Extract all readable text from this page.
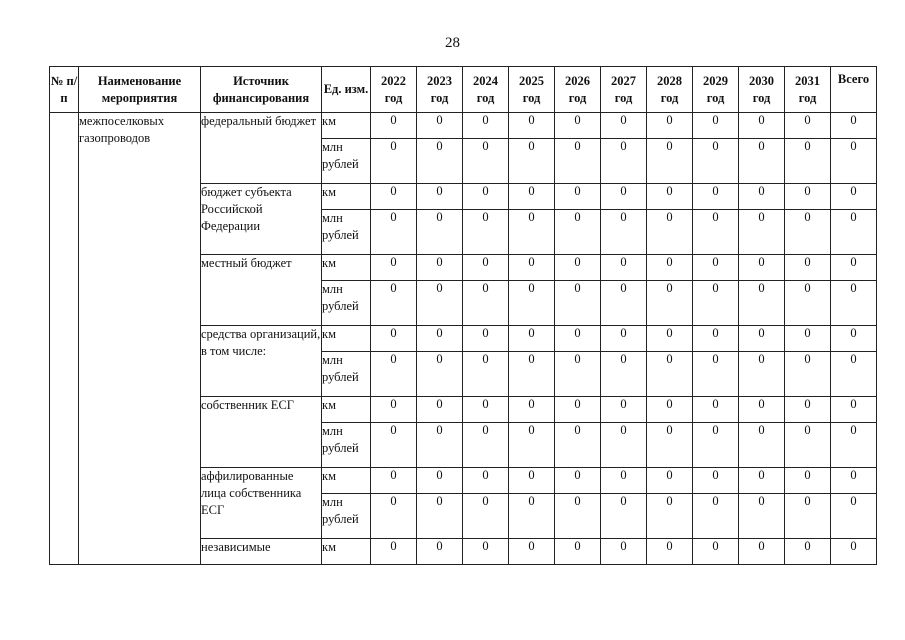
28
№ п/п	Наименование мероприятия	Источник финансирования	Ед. изм.	2022 год	2023 год	2024 год	2025 год	2026 год	2027 год	2028 год	2029 год	2030 год	2031 год	Всего
	межпоселковых газопроводов	федеральный бюджет	км	0	0	0	0	0	0	0	0	0	0	0
			млн рублей	0	0	0	0	0	0	0	0	0	0	0
		бюджет субъекта Российской Федерации	км	0	0	0	0	0	0	0	0	0	0	0
			млн рублей	0	0	0	0	0	0	0	0	0	0	0
		местный бюджет	км	0	0	0	0	0	0	0	0	0	0	0
			млн рублей	0	0	0	0	0	0	0	0	0	0	0
		средства организаций, в том числе:	км	0	0	0	0	0	0	0	0	0	0	0
			млн рублей	0	0	0	0	0	0	0	0	0	0	0
		собственник ЕСГ	км	0	0	0	0	0	0	0	0	0	0	0
			млн рублей	0	0	0	0	0	0	0	0	0	0	0
		аффилированные лица собственника ЕСГ	км	0	0	0	0	0	0	0	0	0	0	0
			млн рублей	0	0	0	0	0	0	0	0	0	0	0
		независимые	км	0	0	0	0	0	0	0	0	0	0	0
